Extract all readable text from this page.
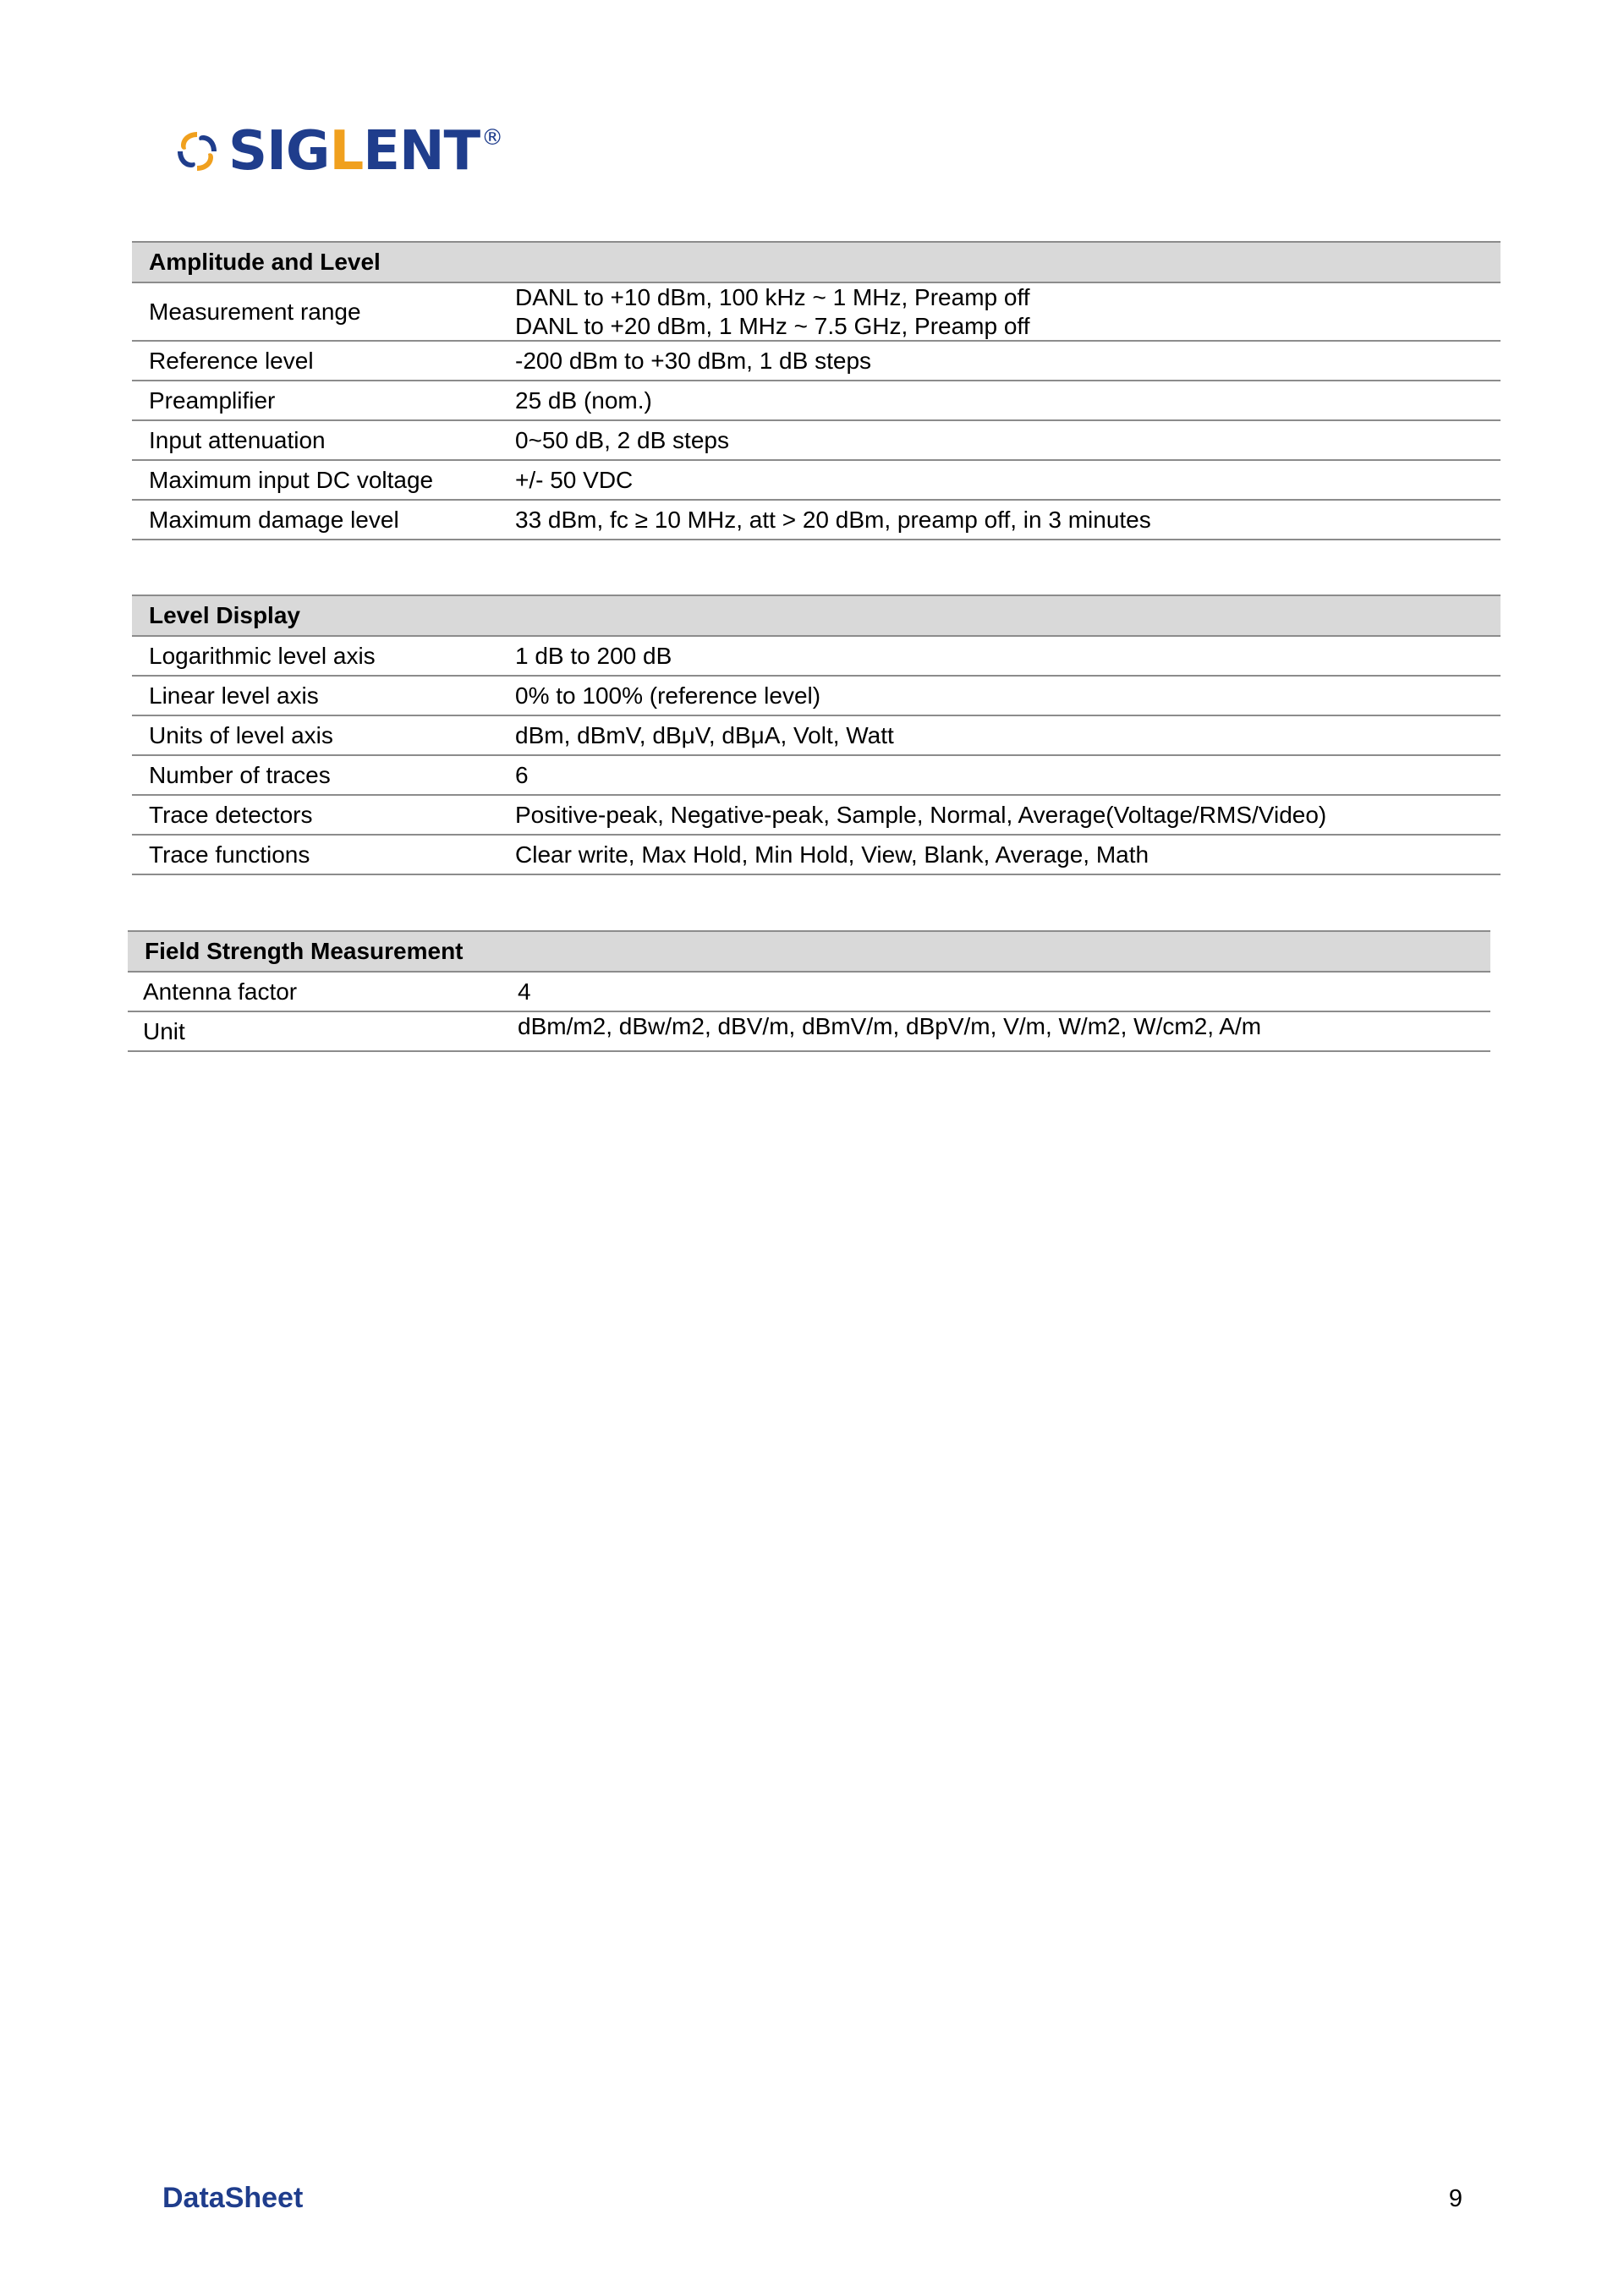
SIGLENT ®
Amplitude and Level	
Measurement range	DANL to +10 dBm, 100 kHz ~ 1 MHz, Preamp off
DANL to +20 dBm, 1 MHz ~ 7.5 GHz, Preamp off

Reference level	-200 dBm to +30 dBm, 1 dB steps
Preamplifier	25 dB (nom.)
Input attenuation	0~50 dB, 2 dB steps
Maximum input DC voltage	+/- 50 VDC
Maximum damage level	33 dBm, fc ≥ 10 MHz, att > 20 dBm, preamp off, in 3 minutes
Level Display	
Logarithmic level axis	1 dB to 200 dB
Linear level axis	0% to 100% (reference level)
Units of level axis	dBm, dBmV, dBμV, dBμA, Volt, Watt
Number of traces	6
Trace detectors	Positive-peak, Negative-peak, Sample, Normal, Average(Voltage/RMS/Video)
Trace functions	Clear write, Max Hold, Min Hold, View, Blank, Average, Math
Field Strength Measurement	
Antenna factor	4
Unit	dBm/m2, dBw/m2, dBV/m, dBmV/m, dBpV/m, V/m, W/m2, W/cm2, A/m
DataSheet	9
